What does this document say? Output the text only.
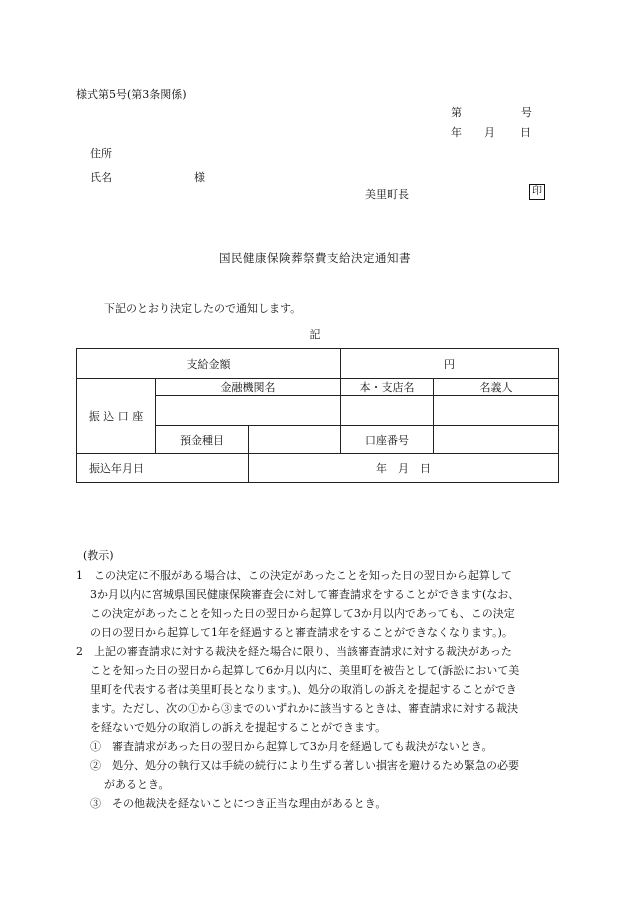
様式第5号(第3条関係)
第	号
年 月 日
住所
氏名	様
美里町長	印
国民健康保険葬祭費支給決定通知書
下記のとおり決定したので通知します。
記
支給金額			円	
振 込 口 座	金融機関名		本・支店名	名義人

	預金種目		口座番号	
振込年月日		年　月　日		
(教示)
1　この決定に不服がある場合は、この決定があったことを知った日の翌日から起算して
3か月以内に宮城県国民健康保険審査会に対して審査請求をすることができます(なお、
この決定があったことを知った日の翌日から起算して3か月以内であっても、この決定
の日の翌日から起算して1年を経過すると審査請求をすることができなくなります。)。
2　上記の審査請求に対する裁決を経た場合に限り、当該審査請求に対する裁決があった
ことを知った日の翌日から起算して6か月以内に、美里町を被告として(訴訟において美
里町を代表する者は美里町長となります。)、処分の取消しの訴えを提起することができ
ます。ただし、次の①から③までのいずれかに該当するときは、審査請求に対する裁決
を経ないで処分の取消しの訴えを提起することができます。
①　審査請求があった日の翌日から起算して3か月を経過しても裁決がないとき。
②　処分、処分の執行又は手続の続行により生ずる著しい損害を避けるため緊急の必要
があるとき。
③　その他裁決を経ないことにつき正当な理由があるとき。
